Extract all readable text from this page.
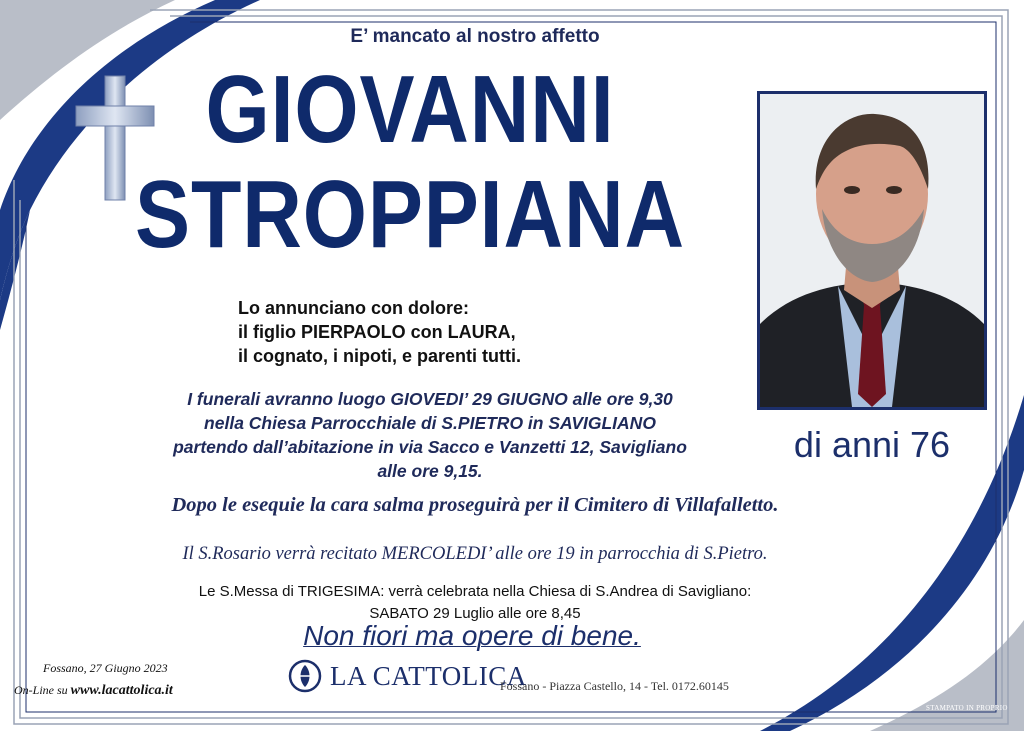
E’ mancato al nostro affetto
GIOVANNI
STROPPIANA
di anni 76
Lo annunciano con dolore:
il figlio PIERPAOLO con LAURA,
il cognato, i nipoti, e parenti tutti.
I funerali avranno luogo GIOVEDI’ 29 GIUGNO alle ore 9,30
nella Chiesa Parrocchiale di S.PIETRO in SAVIGLIANO
partendo dall’abitazione in via Sacco e Vanzetti 12, Savigliano
alle ore 9,15.
Dopo le esequie la cara salma proseguirà per il Cimitero di Villafalletto.
Il S.Rosario verrà recitato MERCOLEDI’ alle ore 19 in parrocchia di S.Pietro.
Le S.Messa di TRIGESIMA: verrà celebrata nella Chiesa di S.Andrea di Savigliano:
SABATO 29 Luglio alle ore 8,45
Non fiori ma opere di bene.
Fossano, 27 Giugno 2023
On-Line su www.lacattolica.it	LA CATTOLICA
Fossano - Piazza Castello, 14 - Tel. 0172.60145
STAMPATO IN PROPRIO
